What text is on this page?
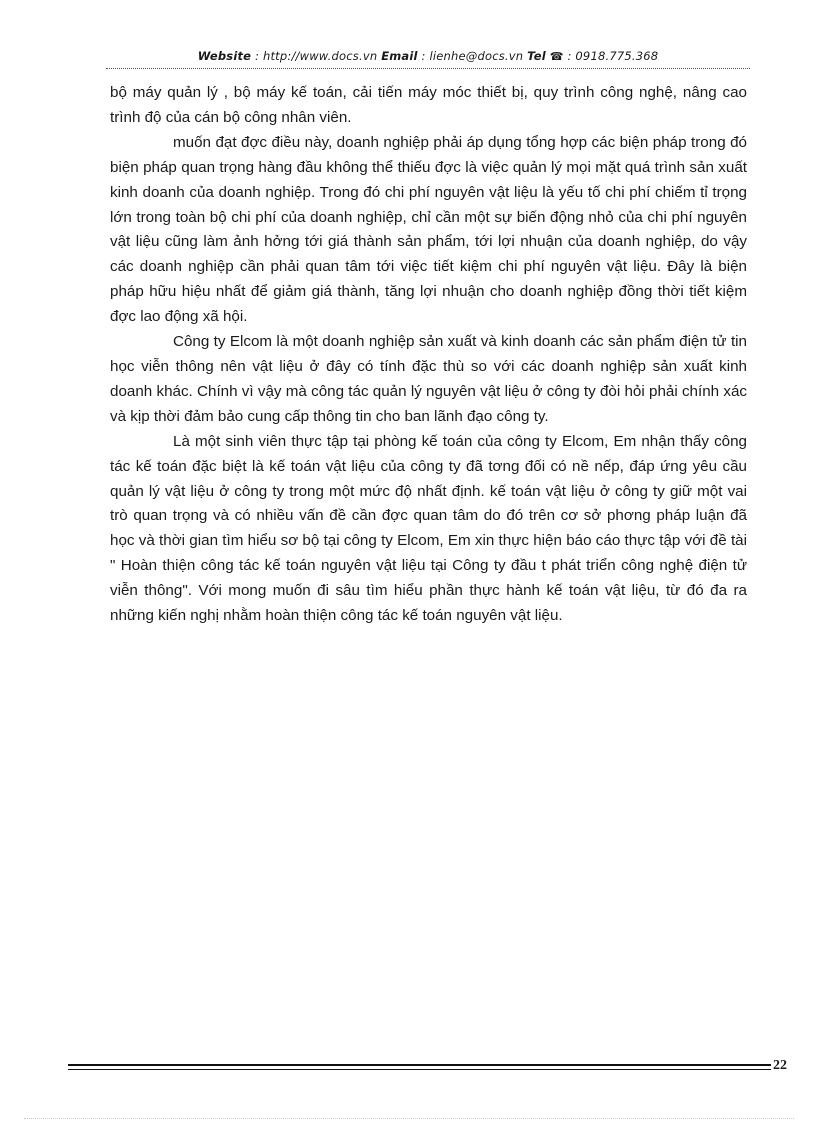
Website : http://www.docs.vn Email : lienhe@docs.vn Tel ☎ : 0918.775.368

bộ máy quản lý , bộ máy kế toán, cải tiến máy móc thiết bị, quy trình công nghệ, nâng cao trình độ của cán bộ công nhân viên.

muốn đạt đợc điều này, doanh nghiệp phải áp dụng tổng hợp các biện pháp trong đó biện pháp quan trọng hàng đầu không thể thiếu đợc là việc quản lý mọi mặt quá trình sản xuất kinh doanh của doanh nghiệp. Trong đó chi phí nguyên vật liệu là yếu tố chi phí chiếm tỉ trọng lớn trong toàn bộ chi phí của doanh nghiệp, chỉ cần một sự biến động nhỏ của chi phí nguyên vật liệu cũng làm ảnh hởng tới giá thành sản phẩm, tới lợi nhuận của doanh nghiệp, do vậy các doanh nghiệp cần phải quan tâm tới việc tiết kiệm chi phí nguyên vật liệu. Đây là biện pháp hữu hiệu nhất để giảm giá thành, tăng lợi nhuận cho doanh nghiệp đồng thời tiết kiệm đợc lao động xã hội.

Công ty Elcom là một doanh nghiệp sản xuất và kinh doanh các sản phẩm điện tử tin học viễn thông nên vật liệu ở đây có tính đặc thù so với các doanh nghiệp sản xuất kinh doanh khác. Chính vì vậy mà công tác quản lý nguyên vật liệu ở công ty đòi hỏi phải chính xác và kịp thời đảm bảo cung cấp thông tin cho ban lãnh đạo công ty.

Là một sinh viên thực tập tại phòng kế toán của công ty Elcom, Em nhận thấy công tác kế toán đặc biệt là kế toán vật liệu của công ty đã tơng đối có nề nếp, đáp ứng yêu cầu quản lý vật liệu ở công ty trong một mức độ nhất định. kế toán vật liệu ở công ty giữ một vai trò quan trọng và có nhiều vấn đề cần đợc quan tâm do đó trên cơ sở phơng pháp luận đã học và thời gian tìm hiểu sơ bộ tại công ty Elcom, Em xin thực hiện báo cáo thực tập với đề tài " Hoàn thiện công tác kế toán nguyên vật liệu tại Công ty đầu t phát triển công nghệ điện tử viễn thông". Với mong muốn đi sâu tìm hiểu phần thực hành kế toán vật liệu, từ đó đa ra những kiến nghị nhằm hoàn thiện công tác kế toán nguyên vật liệu.

22
